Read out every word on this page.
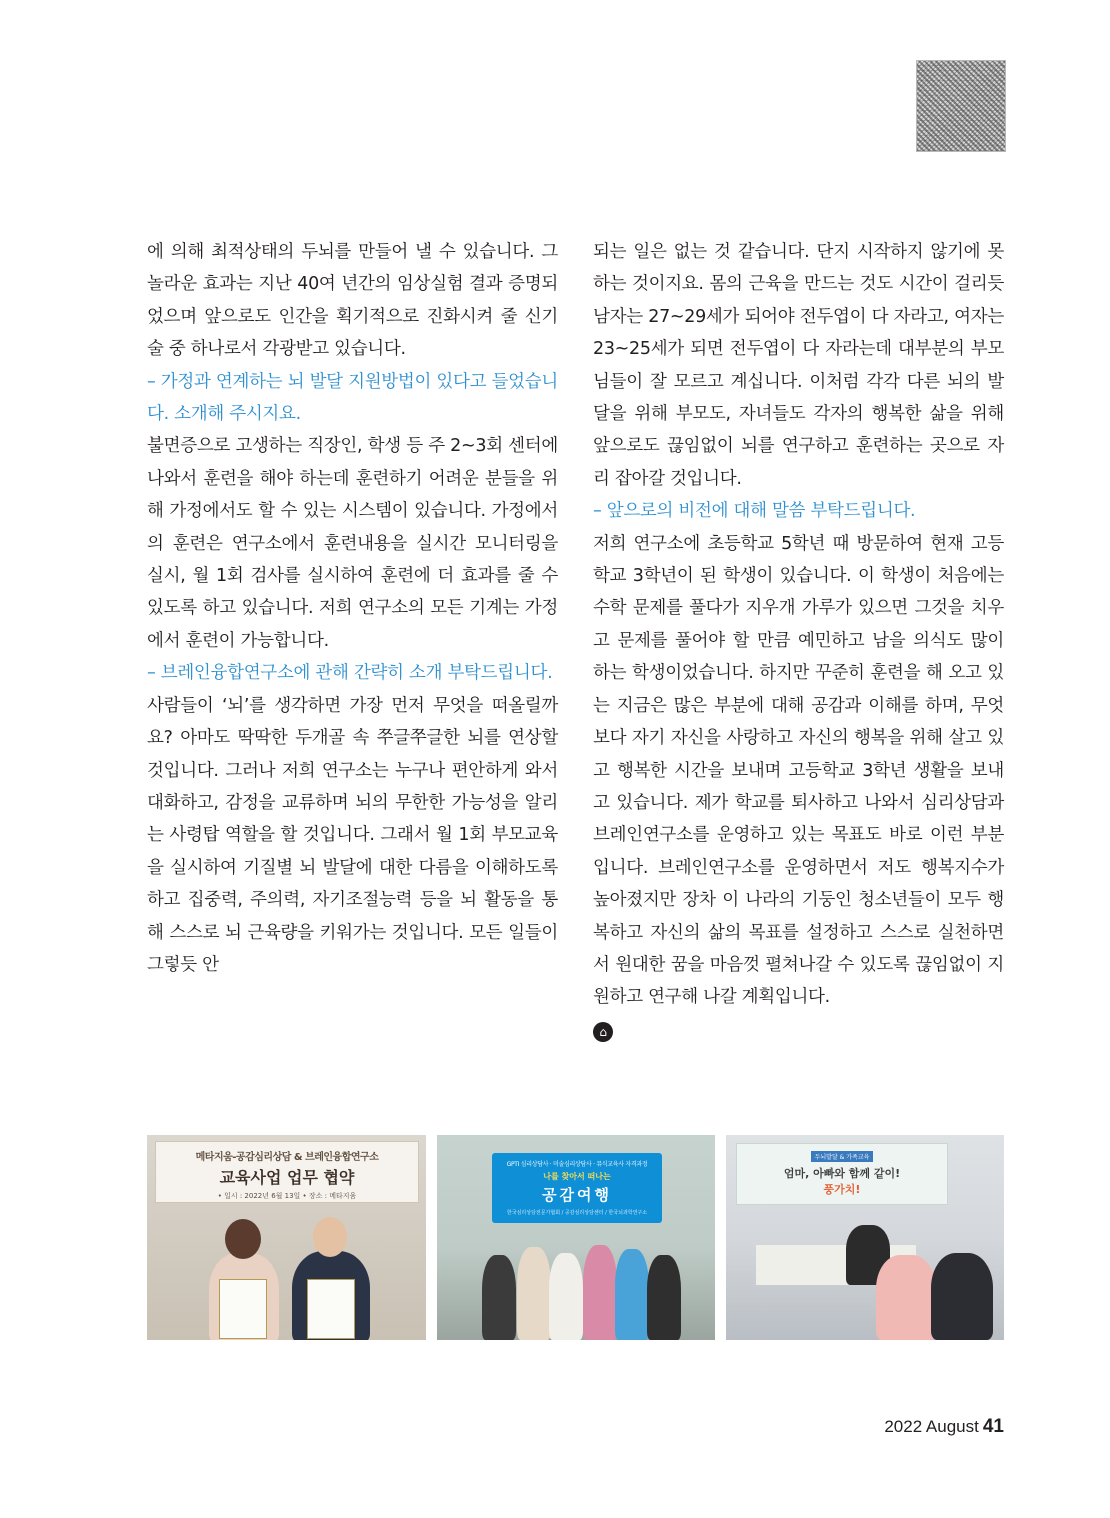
에 의해 최적상태의 두뇌를 만들어 낼 수 있습니다. 그 놀라운 효과는 지난 40여 년간의 임상실험 결과 증명되었으며 앞으로도 인간을 획기적으로 진화시켜 줄 신기술 중 하나로서 각광받고 있습니다.

– 가정과 연계하는 뇌 발달 지원방법이 있다고 들었습니다. 소개해 주시지요.

불면증으로 고생하는 직장인, 학생 등 주 2~3회 센터에 나와서 훈련을 해야 하는데 훈련하기 어려운 분들을 위해 가정에서도 할 수 있는 시스템이 있습니다. 가정에서의 훈련은 연구소에서 훈련내용을 실시간 모니터링을 실시, 월 1회 검사를 실시하여 훈련에 더 효과를 줄 수 있도록 하고 있습니다. 저희 연구소의 모든 기계는 가정에서 훈련이 가능합니다.

– 브레인융합연구소에 관해 간략히 소개 부탁드립니다.

사람들이 ‘뇌’를 생각하면 가장 먼저 무엇을 떠올릴까요? 아마도 딱딱한 두개골 속 쭈글쭈글한 뇌를 연상할 것입니다. 그러나 저희 연구소는 누구나 편안하게 와서 대화하고, 감정을 교류하며 뇌의 무한한 가능성을 알리는 사령탑 역할을 할 것입니다. 그래서 월 1회 부모교육을 실시하여 기질별 뇌 발달에 대한 다름을 이해하도록 하고 집중력, 주의력, 자기조절능력 등을 뇌 활동을 통해 스스로 뇌 근육량을 키워가는 것입니다. 모든 일들이 그렇듯 안

되는 일은 없는 것 같습니다. 단지 시작하지 않기에 못하는 것이지요. 몸의 근육을 만드는 것도 시간이 걸리듯 남자는 27~29세가 되어야 전두엽이 다 자라고, 여자는 23~25세가 되면 전두엽이 다 자라는데 대부분의 부모님들이 잘 모르고 계십니다. 이처럼 각각 다른 뇌의 발달을 위해 부모도, 자녀들도 각자의 행복한 삶을 위해 앞으로도 끊임없이 뇌를 연구하고 훈련하는 곳으로 자리 잡아갈 것입니다.

– 앞으로의 비전에 대해 말씀 부탁드립니다.

저희 연구소에 초등학교 5학년 때 방문하여 현재 고등학교 3학년이 된 학생이 있습니다. 이 학생이 처음에는 수학 문제를 풀다가 지우개 가루가 있으면 그것을 치우고 문제를 풀어야 할 만큼 예민하고 남을 의식도 많이 하는 학생이었습니다. 하지만 꾸준히 훈련을 해 오고 있는 지금은 많은 부분에 대해 공감과 이해를 하며, 무엇보다 자기 자신을 사랑하고 자신의 행복을 위해 살고 있고 행복한 시간을 보내며 고등학교 3학년 생활을 보내고 있습니다. 제가 학교를 퇴사하고 나와서 심리상담과 브레인연구소를 운영하고 있는 목표도 바로 이런 부분입니다. 브레인연구소를 운영하면서 저도 행복지수가 높아졌지만 장차 이 나라의 기둥인 청소년들이 모두 행복하고 자신의 삶의 목표를 설정하고 스스로 실천하면서 원대한 꿈을 마음껏 펼쳐나갈 수 있도록 끊임없이 지원하고 연구해 나갈 계획입니다.

⌂
메타지움-공감심리상담 & 브레인융합연구소
교육사업 업무 협약
• 일시 : 2022년 6월 13일 • 장소 : 메타지움
GPTI 심리상담사 · 미술심리상담사 · 뮤식교육사 자격과정
나를 찾아서 떠나는
공감여행
한국심리상담전문가협회 / 공감심리상담센터 / 한국뇌과학연구소
두뇌발달 & 가족교육
엄마, 아빠와 함께 같이!
풍가치!
2022 August 41
